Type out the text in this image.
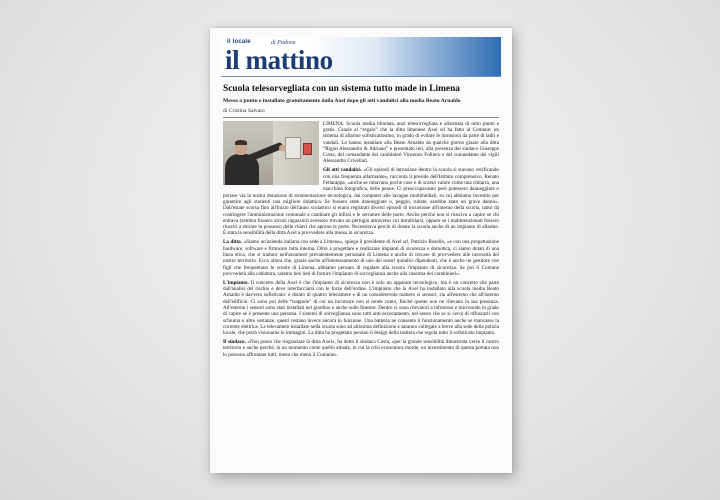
il locale
il mattino
di Padova
Scuola telesorvegliata con un sistema tutto made in Limena
Messo a punto e installato gratuitamente dalla Axel dopo gli atti vandalici alla media Beato Arnaldo
di Cristina Salvato

LIMENA. Scuola media blindata, anzi telesorvegliata e allarmata di tutto punto e gratis. Grazie al “regalo” che la ditta limenese Axel srl ha fatto al Comune: un sistema di allarme sofisticatissimo, in grado di evitare le intrusioni da parte di ladri e vandali. Lo hanno installato alla Beato Arnaldo da qualche giorno grazie alla ditta “Rigon Alessandro & Adriano” e presentato ieri, alla presenza del sindaco Giuseppe Costa, del comandante dei carabinieri Vincenzo Folliero e del comandante dei vigili Alessandro Crivellari.

Gli atti vandalici. «Gli episodi di intrusione dentro la scuola si stavano verificando con una frequenza allarmante», racconta il preside dell'Istituto comprensivo, Renato Fettarappa, «anche se rubavano poche cose e di scarso valore come una chitarra, una macchina fotografica, delle penne. Ci preoccupavamo però potessero danneggiare o portare via la nostra dotazione di strumentazione tecnologica, dai computer alle lavagne multimediali, su cui abbiamo investito per garantire agli studenti una migliore didattica. Se fossero state danneggiate o, peggio, rubate, sarebbe stato un grave danno». Dall'estate scorsa fino all'inizio dell'anno scolastico si erano registrati diversi episodi di incursione all'interno della scuola, tanto da costringere l'amministrazione comunale a cambiare gli infissi e le serrature delle porte. Anche perché non si riusciva a capire se chi entrava (sembra fossero alcuni ragazzini) avessero trovato un pertugio attraverso cui intrufolarsi, oppure se i malintenzionati fossero riusciti a entrare in possesso delle chiavi che aprono le porte. Necessitava perciò di dotare la scuola anche di un impianto di allarme. È stata la sensibilità della ditta Axel a provvedere alla messa in sicurezza.

La ditta. «Siamo un'azienda italiana con sede a Limena», spiega il presidente di Axel srl, Patrizio Bosello, «e con una progettazione hardware, software e firmware tutta interna. Oltre a progettare e realizzare impianti di sicurezza e domotica, ci siamo dotati di una linea etica, che si traduce nell'assumere prevalentemente personale di Limena e anche di cercare di provvedere alle necessità del nostro territorio. Ecco allora che, grazie anche all'interessamento di uno dei nostri quindici dipendenti, che è anche un genitore con figli che frequentano le scuole di Limena, abbiamo pensato di regalare alla scuola l'impianto di sicurezza. Se poi il Comune provvederà alla cablatura, saremo ben lieti di fornire l'impianto di sorveglianza anche alla caserma dei carabinieri».

L'impianto. Il concetto della Axel è che l'impianto di sicurezza non è solo un apparato tecnologico, ma è un concetto che parte dall'analisi del rischio e deve interfacciarsi con le forze dell'ordine. L'impianto che la Axel ha installato alla scuola media Beato Arnaldo è davvero sofisticato: è dotato di quattro telecamere e di un considerevole numero si sensori, sia all'esterno che all'interno dell'edificio. Ci sono poi delle “trappole” di cui un incursore non si rende conto, finché queste non ne rilevano la sua presenza. All'esterno i sensori sono stati installati nel giardino e anche sulle finestre. Dentro ci sono rilevatori a infrarossi e microonde in grado di capire se è presente una persona. I sistemi di sorveglianza sono tutti anti-accecamento, nel senso che se si cerca di offuscarli con schiuma o altre sostanze, questi restano invece ancora in funzione. Una batteria ne consente il funzionamento anche se mancasse la corrente elettrica. Le telecamere installate nella scuola sono ad altissima definizione e saranno collegate a breve alla sede della polizia locale, che potrà visionarne le immagini. La ditta ha progettato persino il design della tastiera che regola tutto il sofisticato impianto.

Il sindaco. «Non posso che ringraziare la ditta Axel», ha detto il sindaco Costa, «per la grande sensibilità dimostrata verso il nostro territorio e anche perché, in un momento come quello attuale, in cui la crisi economica morde, un investimento di questa portata non lo possono affrontare tutti, meno che meno il Comune».
